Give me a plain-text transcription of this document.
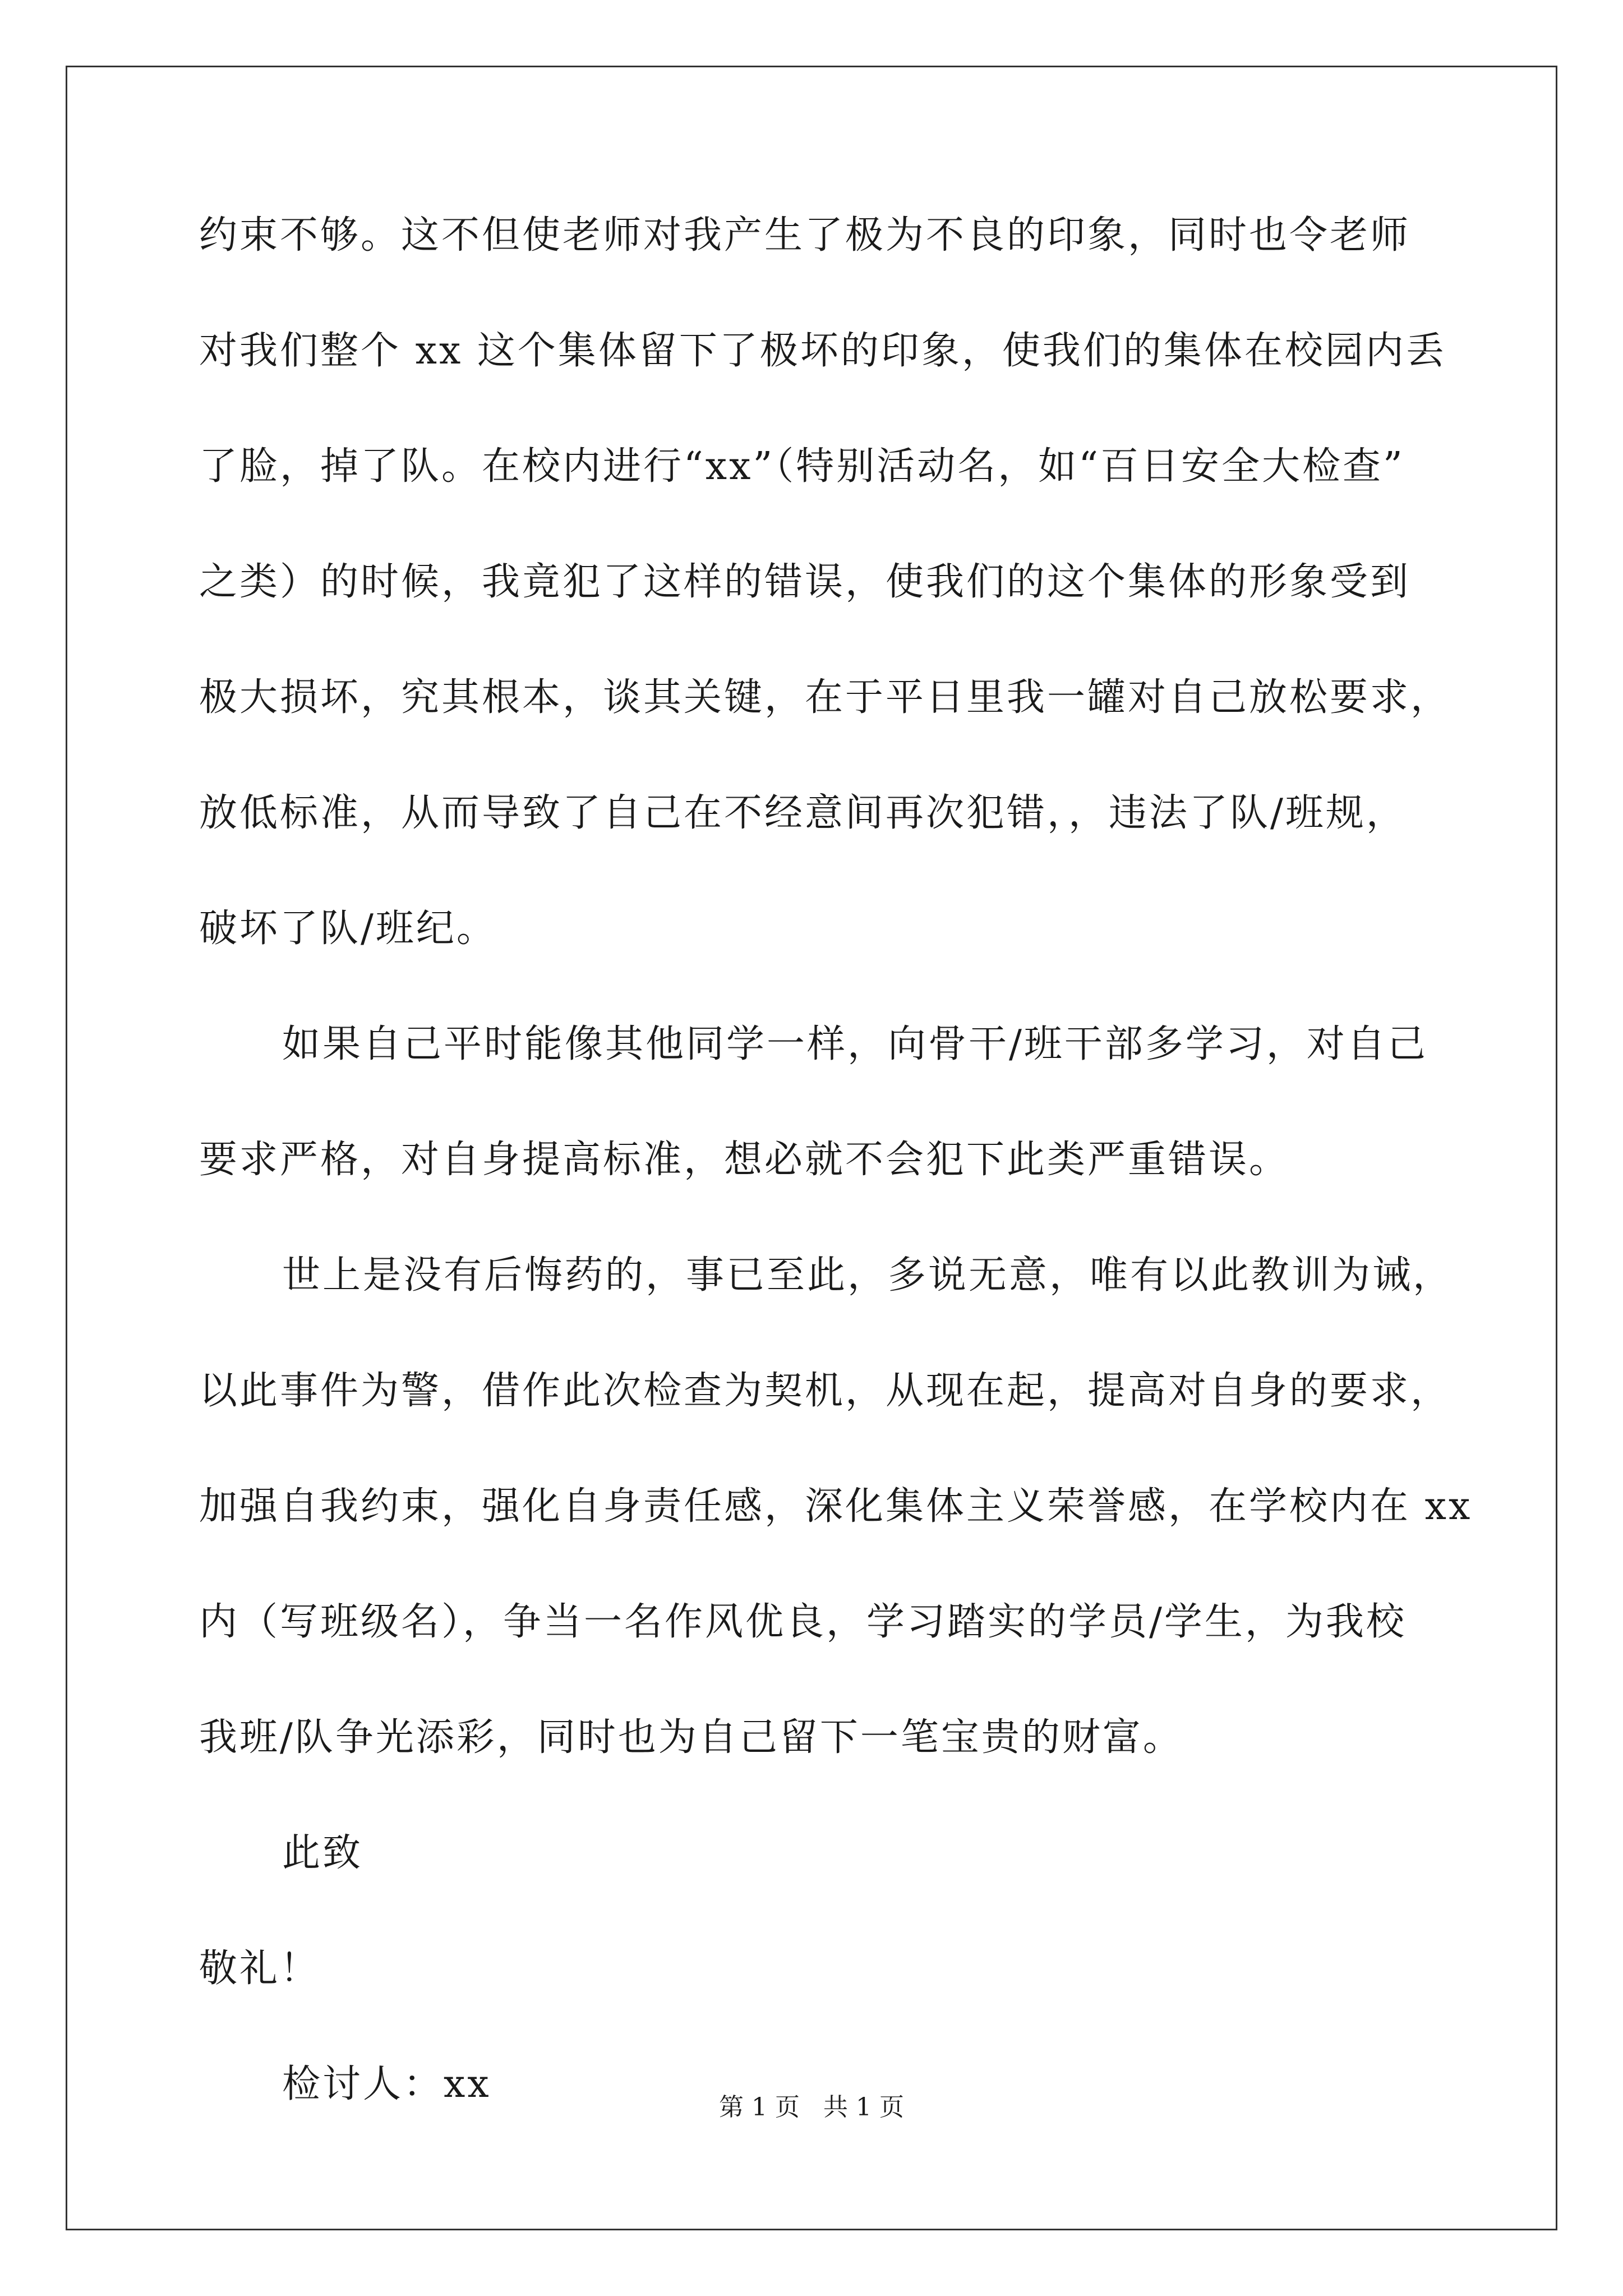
约束不够。这不但使老师对我产生了极为不良的印象，同时也令老师
对我们整个 xx 这个集体留下了极坏的印象，使我们的集体在校园内丢
了脸，掉了队。在校内进行“xx”（特别活动名，如“百日安全大检查”
之类）的时候，我竟犯了这样的错误，使我们的这个集体的形象受到
极大损坏，究其根本，谈其关键，在于平日里我一罐对自己放松要求，
放低标准，从而导致了自己在不经意间再次犯错，，违法了队/班规，
破坏了队/班纪。
如果自己平时能像其他同学一样，向骨干/班干部多学习，对自己
要求严格，对自身提高标准，想必就不会犯下此类严重错误。
世上是没有后悔药的，事已至此，多说无意，唯有以此教训为诫，
以此事件为警，借作此次检查为契机，从现在起，提高对自身的要求，
加强自我约束，强化自身责任感，深化集体主义荣誉感，在学校内在 xx
内（写班级名），争当一名作风优良，学习踏实的学员/学生，为我校
我班/队争光添彩，同时也为自己留下一笔宝贵的财富。
此致
敬礼！
检讨人：xx
第 1 页 共 1 页
